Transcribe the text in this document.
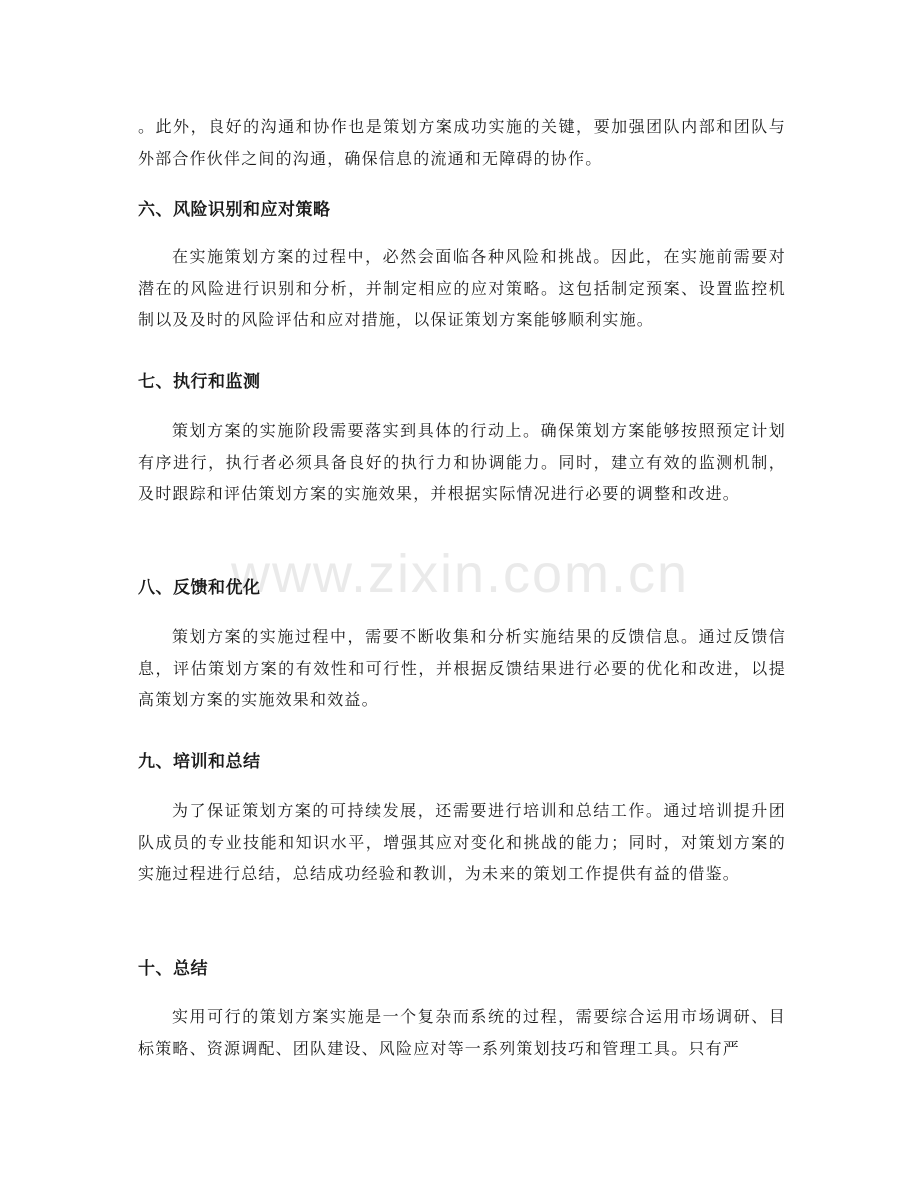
www.zixin.com.cn

。此外，良好的沟通和协作也是策划方案成功实施的关键，要加强团队内部和团队与外部合作伙伴之间的沟通，确保信息的流通和无障碍的协作。

六、风险识别和应对策略

在实施策划方案的过程中，必然会面临各种风险和挑战。因此，在实施前需要对潜在的风险进行识别和分析，并制定相应的应对策略。这包括制定预案、设置监控机制以及及时的风险评估和应对措施，以保证策划方案能够顺利实施。

七、执行和监测

策划方案的实施阶段需要落实到具体的行动上。确保策划方案能够按照预定计划有序进行，执行者必须具备良好的执行力和协调能力。同时，建立有效的监测机制，及时跟踪和评估策划方案的实施效果，并根据实际情况进行必要的调整和改进。

八、反馈和优化

策划方案的实施过程中，需要不断收集和分析实施结果的反馈信息。通过反馈信息，评估策划方案的有效性和可行性，并根据反馈结果进行必要的优化和改进，以提高策划方案的实施效果和效益。

九、培训和总结

为了保证策划方案的可持续发展，还需要进行培训和总结工作。通过培训提升团队成员的专业技能和知识水平，增强其应对变化和挑战的能力；同时，对策划方案的实施过程进行总结，总结成功经验和教训，为未来的策划工作提供有益的借鉴。

十、总结

实用可行的策划方案实施是一个复杂而系统的过程，需要综合运用市场调研、目标策略、资源调配、团队建设、风险应对等一系列策划技巧和管理工具。只有严
